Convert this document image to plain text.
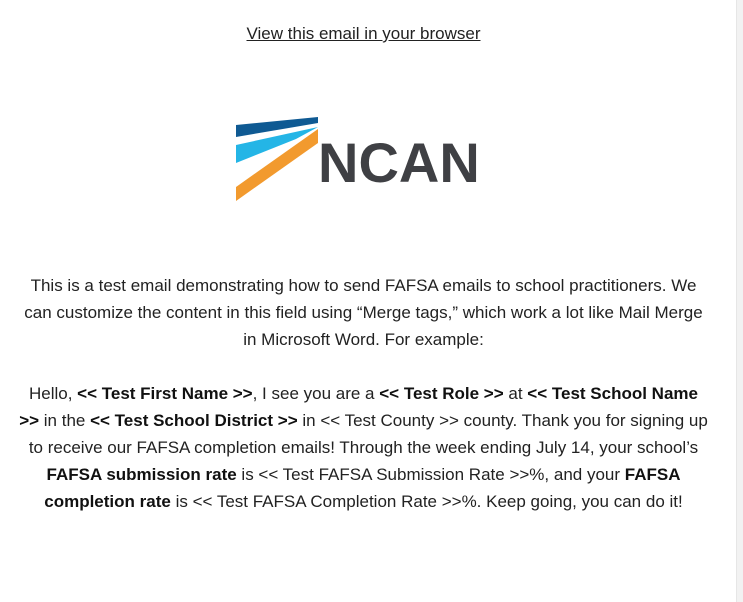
View this email in your browser
NCAN

This is a test email demonstrating how to send FAFSA emails to school practitioners. We can customize the content in this field using “Merge tags,” which work a lot like Mail Merge in Microsoft Word. For example:

Hello, << Test First Name >>, I see you are a << Test Role >> at << Test School Name >> in the << Test School District >> in << Test County >> county. Thank you for signing up to receive our FAFSA completion emails! Through the week ending July 14, your school’s FAFSA submission rate is << Test FAFSA Submission Rate >>%, and your FAFSA completion rate is << Test FAFSA Completion Rate >>%. Keep going, you can do it!
